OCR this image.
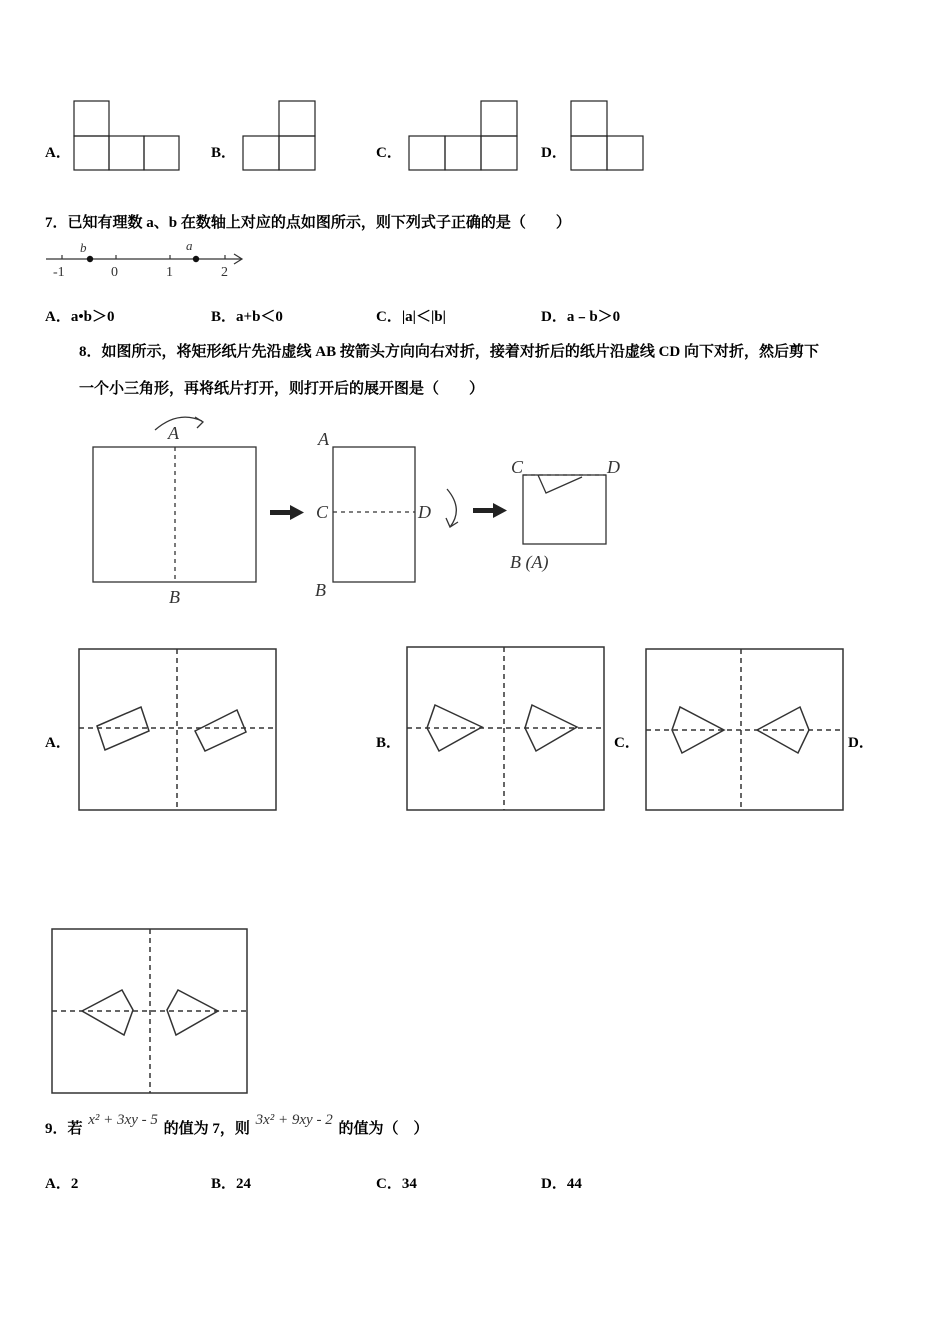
A．	B．	C．	D．
7．已知有理数 a、b 在数轴上对应的点如图所示，则下列式子正确的是（　　）
b	a
-1	0	1	2
A．a•b＞0	B．a+b＜0	C．|a|＜|b|	D．a﹣b＞0
8．如图所示，将矩形纸片先沿虚线 AB 按箭头方向向右对折，接着对折后的纸片沿虚线 CD 向下对折，然后剪下
一个小三角形，再将纸片打开，则打开后的展开图是（　　）
A
B
A
C	D
B
C	D
B (A)
A．	B．	C．	D．
9．若 x² + 3xy - 5 的值为 7，则 3x² + 9xy - 2 的值为（　）
A．2	B．24	C．34	D．44
